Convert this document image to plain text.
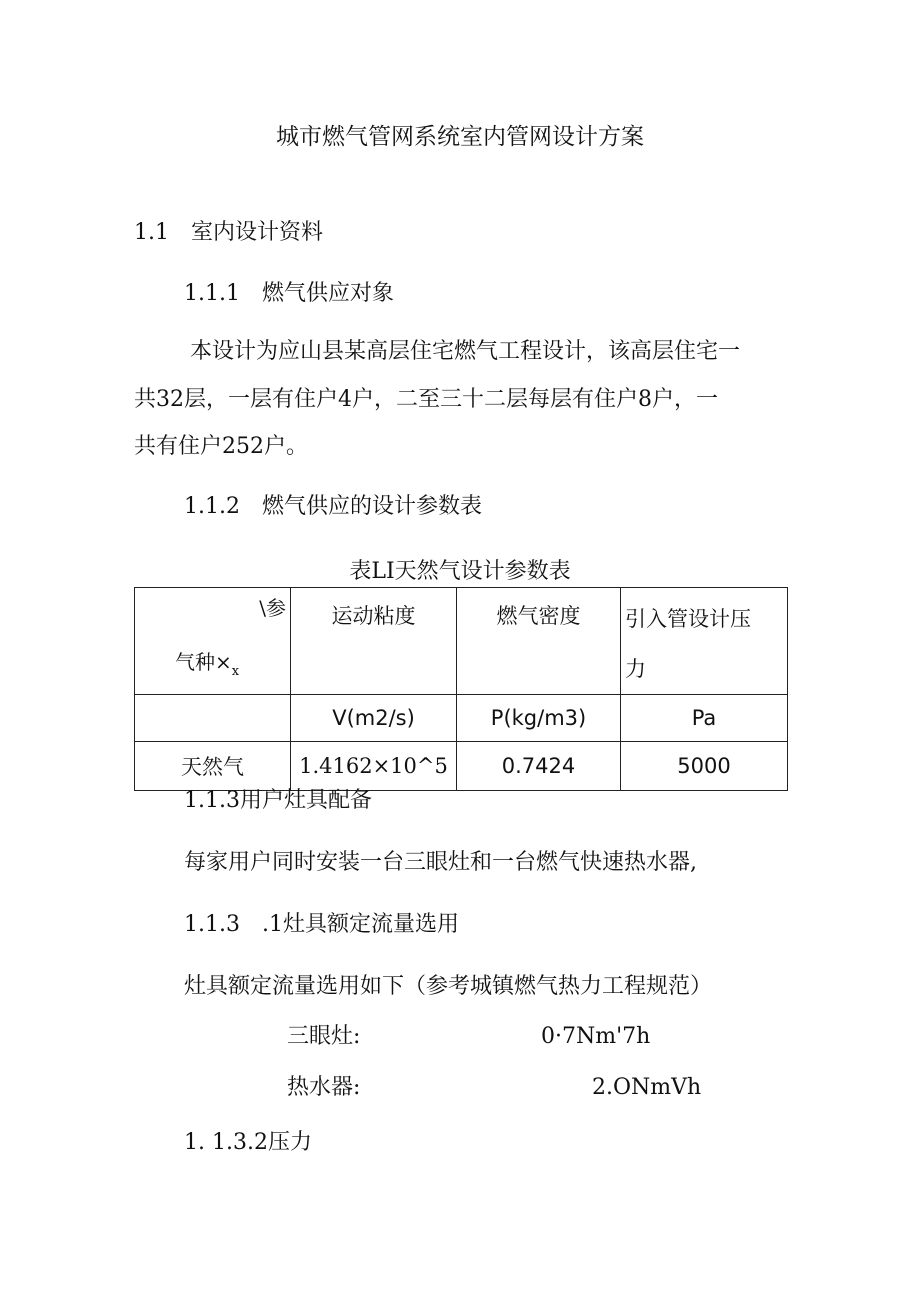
城市燃气管网系统室内管网设计方案
1.1　室内设计资料
1.1.1　燃气供应对象
本设计为应山县某高层住宅燃气工程设计，该高层住宅一
共32层，一层有住户4户，二至三十二层每层有住户8户，一
共有住户252户。
1.1.2　燃气供应的设计参数表
表LI天然气设计参数表
\参
气种$\times_x$	运动粘度	燃气密度	引入管设计压力

	V(m2/s)	P(kg/m3)	Pa
天然气	1.4162×10^5	0.7424	5000
1.1.3用户灶具配备
每家用户同时安装一台三眼灶和一台燃气快速热水器,
1.1.3　.1灶具额定流量选用
灶具额定流量选用如下（参考城镇燃气热力工程规范）
三眼灶:	0·7Nm'7h
热水器:	2.ONmVh
1. 1.3.2压力
